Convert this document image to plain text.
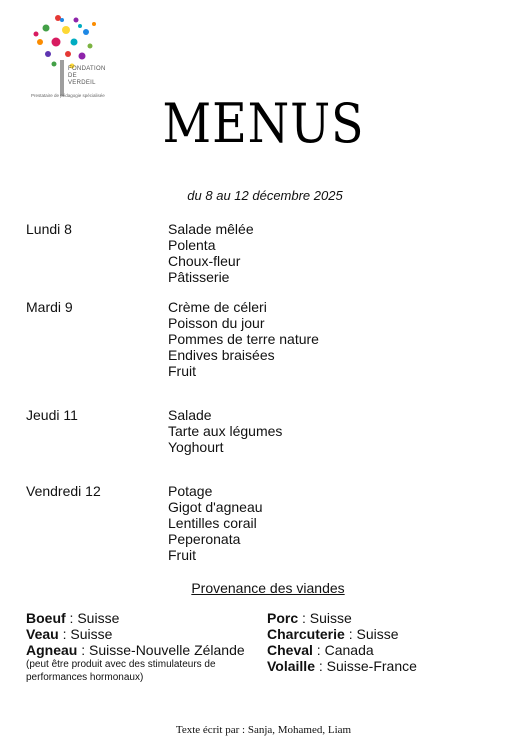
FONDATION
DE
VERDEIL
Prestataire de pédagogie spécialisée	MENUS
du 8 au 12 décembre 2025
Lundi 8	Salade mêlée
Polenta
Choux-fleur
Pâtisserie
Mardi 9	Crème de céleri
Poisson du jour
Pommes de terre nature
Endives braisées
Fruit
Jeudi 11	Salade
Tarte aux légumes
Yoghourt
Vendredi 12	Potage
Gigot d'agneau
Lentilles corail
Peperonata
Fruit
Provenance des viandes
Boeuf : Suisse
Veau : Suisse
Agneau : Suisse-Nouvelle Zélande
(peut être produit avec des stimulateurs de performances hormonaux)
Porc : Suisse
Charcuterie : Suisse
Cheval : Canada
Volaille : Suisse-France
Texte écrit par : Sanja, Mohamed, Liam
